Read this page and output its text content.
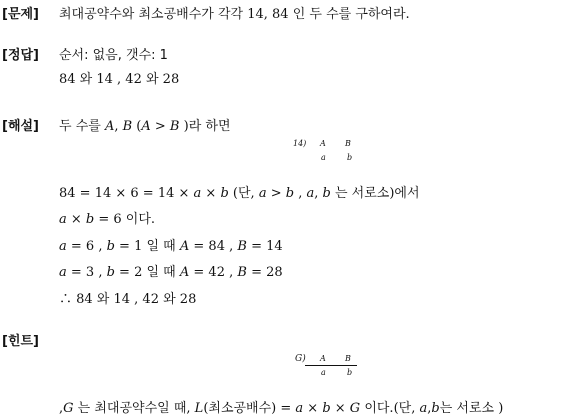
[문제] 최대공약수와 최소공배수가 각각 14, 84 인 두 수를 구하여라.
[정답] 순서: 없음, 갯수: 1
84 와 14 , 42 와 28
[해설] 두 수를 A, B (A > B )라 하면
14) A B
a	b
84 = 14 × 6 = 14 × a × b (단, a > b , a, b 는 서로소)에서
a × b = 6 이다.
a = 6 , b = 1 일 때 A = 84 , B = 14
a = 3 , b = 2 일 때 A = 42 , B = 28
∴ 84 와 14 , 42 와 28
[힌트]
G) A B
a	b
,G 는 최대공약수일 때, L(최소공배수) = a × b × G 이다.(단, a,b는 서로소 )
